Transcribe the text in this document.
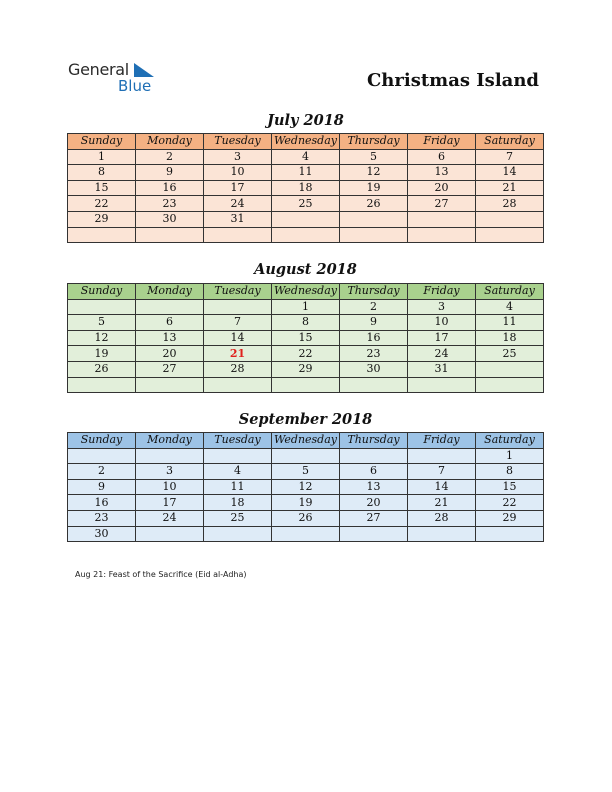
General
Blue	Christmas Island
July 2018
Sunday	Monday	Tuesday	Wednesday	Thursday	Friday	Saturday
1	2	3	4	5	6	7
8	9	10	11	12	13	14
15	16	17	18	19	20	21
22	23	24	25	26	27	28
29	30	31				

August 2018
Sunday	Monday	Tuesday	Wednesday	Thursday	Friday	Saturday
			1	2	3	4
5	6	7	8	9	10	11
12	13	14	15	16	17	18
19	20	21	22	23	24	25
26	27	28	29	30	31	

September 2018
Sunday	Monday	Tuesday	Wednesday	Thursday	Friday	Saturday
						1
2	3	4	5	6	7	8
9	10	11	12	13	14	15
16	17	18	19	20	21	22
23	24	25	26	27	28	29
30						
Aug 21: Feast of the Sacrifice (Eid al-Adha)
